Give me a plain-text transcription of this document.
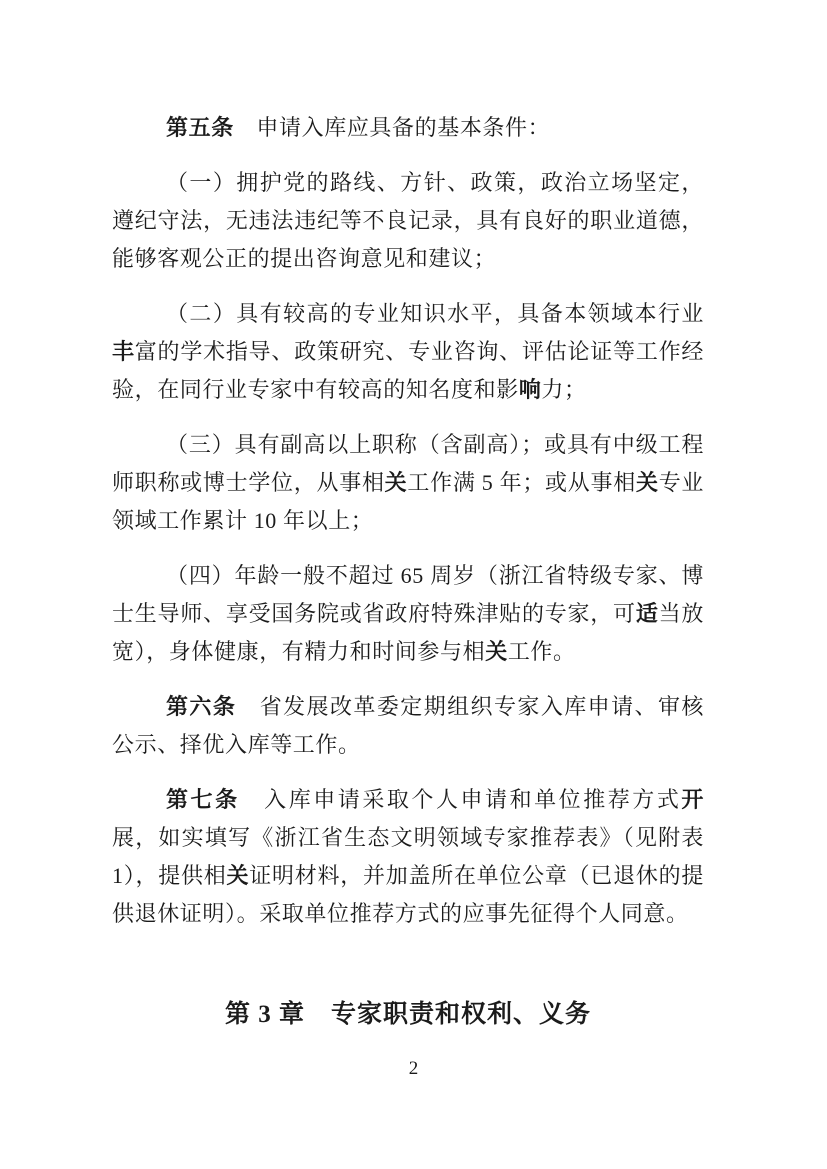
第五条　申请入库应具备的基本条件：

（一）拥护党的路线、方针、政策，政治立场坚定，遵纪守法，无违法违纪等不良记录，具有良好的职业道德，能够客观公正的提出咨询意见和建议；

（二）具有较高的专业知识水平，具备本领域本行业丰富的学术指导、政策研究、专业咨询、评估论证等工作经验，在同行业专家中有较高的知名度和影响力；

（三）具有副高以上职称（含副高）；或具有中级工程师职称或博士学位，从事相关工作满 5 年；或从事相关专业领域工作累计 10 年以上；

（四）年龄一般不超过 65 周岁（浙江省特级专家、博士生导师、享受国务院或省政府特殊津贴的专家，可适当放宽），身体健康，有精力和时间参与相关工作。

第六条　省发展改革委定期组织专家入库申请、审核公示、择优入库等工作。

第七条　入库申请采取个人申请和单位推荐方式开展，如实填写《浙江省生态文明领域专家推荐表》（见附表 1），提供相关证明材料，并加盖所在单位公章（已退休的提供退休证明）。采取单位推荐方式的应事先征得个人同意。

第 3 章　专家职责和权利、义务
2
